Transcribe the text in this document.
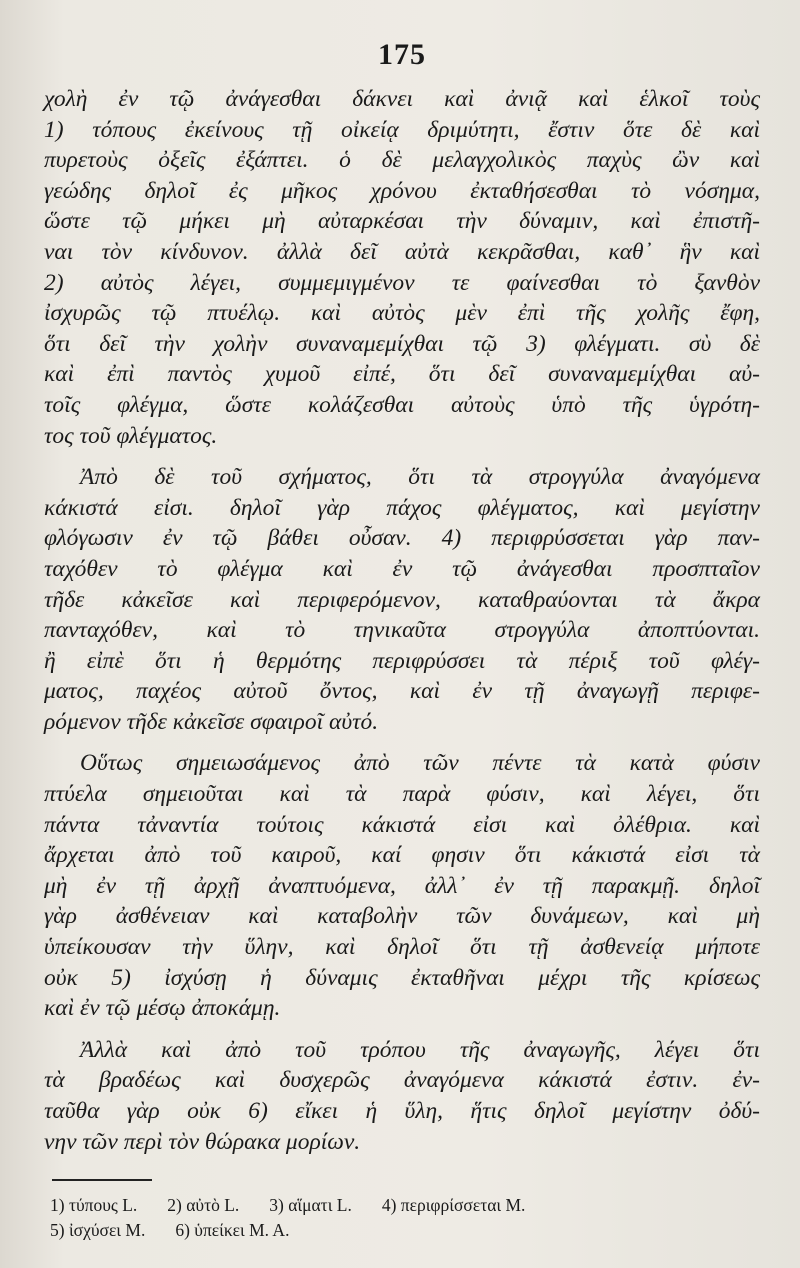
175
χολὴ ἐν τῷ ἀνάγεσθαι δάκνει καὶ ἀνιᾷ καὶ ἑλκοῖ τοὺς
1) τόπους ἐκείνους τῇ οἰκείᾳ δριμύτητι, ἔστιν ὅτε δὲ καὶ
πυρετοὺς ὀξεῖς ἐξάπτει. ὁ δὲ μελαγχολικὸς παχὺς ὢν καὶ
γεώδης δηλοῖ ἐς μῆκος χρόνου ἐκταθήσεσθαι τὸ νόσημα,
ὥστε τῷ μήκει μὴ αὐταρκέσαι τὴν δύναμιν, καὶ ἐπιστῆ-
ναι τὸν κίνδυνον. ἀλλὰ δεῖ αὐτὰ κεκρᾶσθαι, καθ᾽ ἣν καὶ
2) αὐτὸς λέγει, συμμεμιγμένον τε φαίνεσθαι τὸ ξανθὸν
ἰσχυρῶς τῷ πτυέλῳ. καὶ αὐτὸς μὲν ἐπὶ τῆς χολῆς ἔφη,
ὅτι δεῖ τὴν χολὴν συναναμεμίχθαι τῷ 3) φλέγματι. σὺ δὲ
καὶ ἐπὶ παντὸς χυμοῦ εἰπέ, ὅτι δεῖ συναναμεμίχθαι αὐ-
τοῖς φλέγμα, ὥστε κολάζεσθαι αὐτοὺς ὑπὸ τῆς ὑγρότη-
τος τοῦ φλέγματος.
Ἀπὸ δὲ τοῦ σχήματος, ὅτι τὰ στρογγύλα ἀναγόμενα
κάκιστά εἰσι. δηλοῖ γὰρ πάχος φλέγματος, καὶ μεγίστην
φλόγωσιν ἐν τῷ βάθει οὖσαν. 4) περιφρύσσεται γὰρ παν-
ταχόθεν τὸ φλέγμα καὶ ἐν τῷ ἀνάγεσθαι προσπταῖον
τῆδε κἀκεῖσε καὶ περιφερόμενον, καταθραύονται τὰ ἄκρα
πανταχόθεν, καὶ τὸ τηνικαῦτα στρογγύλα ἀποπτύονται.
ἢ εἰπὲ ὅτι ἡ θερμότης περιφρύσσει τὰ πέριξ τοῦ φλέγ-
ματος, παχέος αὐτοῦ ὄντος, καὶ ἐν τῇ ἀναγωγῇ περιφε-
ρόμενον τῆδε κἀκεῖσε σφαιροῖ αὐτό.
Οὕτως σημειωσάμενος ἀπὸ τῶν πέντε τὰ κατὰ φύσιν
πτύελα σημειοῦται καὶ τὰ παρὰ φύσιν, καὶ λέγει, ὅτι
πάντα τἀναντία τούτοις κάκιστά εἰσι καὶ ὀλέθρια. καὶ
ἄρχεται ἀπὸ τοῦ καιροῦ, καί φησιν ὅτι κάκιστά εἰσι τὰ
μὴ ἐν τῇ ἀρχῇ ἀναπτυόμενα, ἀλλ᾽ ἐν τῇ παρακμῇ. δηλοῖ
γὰρ ἀσθένειαν καὶ καταβολὴν τῶν δυνάμεων, καὶ μὴ
ὑπείκουσαν τὴν ὕλην, καὶ δηλοῖ ὅτι τῇ ἀσθενείᾳ μήποτε
οὐκ 5) ἰσχύσῃ ἡ δύναμις ἐκταθῆναι μέχρι τῆς κρίσεως
καὶ ἐν τῷ μέσῳ ἀποκάμῃ.
Ἀλλὰ καὶ ἀπὸ τοῦ τρόπου τῆς ἀναγωγῆς, λέγει ὅτι
τὰ βραδέως καὶ δυσχερῶς ἀναγόμενα κάκιστά ἐστιν. ἐν-
ταῦθα γὰρ οὐκ 6) εἴκει ἡ ὕλη, ἥτις δηλοῖ μεγίστην ὀδύ-
νην τῶν περὶ τὸν θώρακα μορίων.
1) τύπους L. 2) αὐτὸ L. 3) αἵματι L. 4) περιφρίσσεται M.
5) ἰσχύσει M. 6) ὑπείκει M. A.
